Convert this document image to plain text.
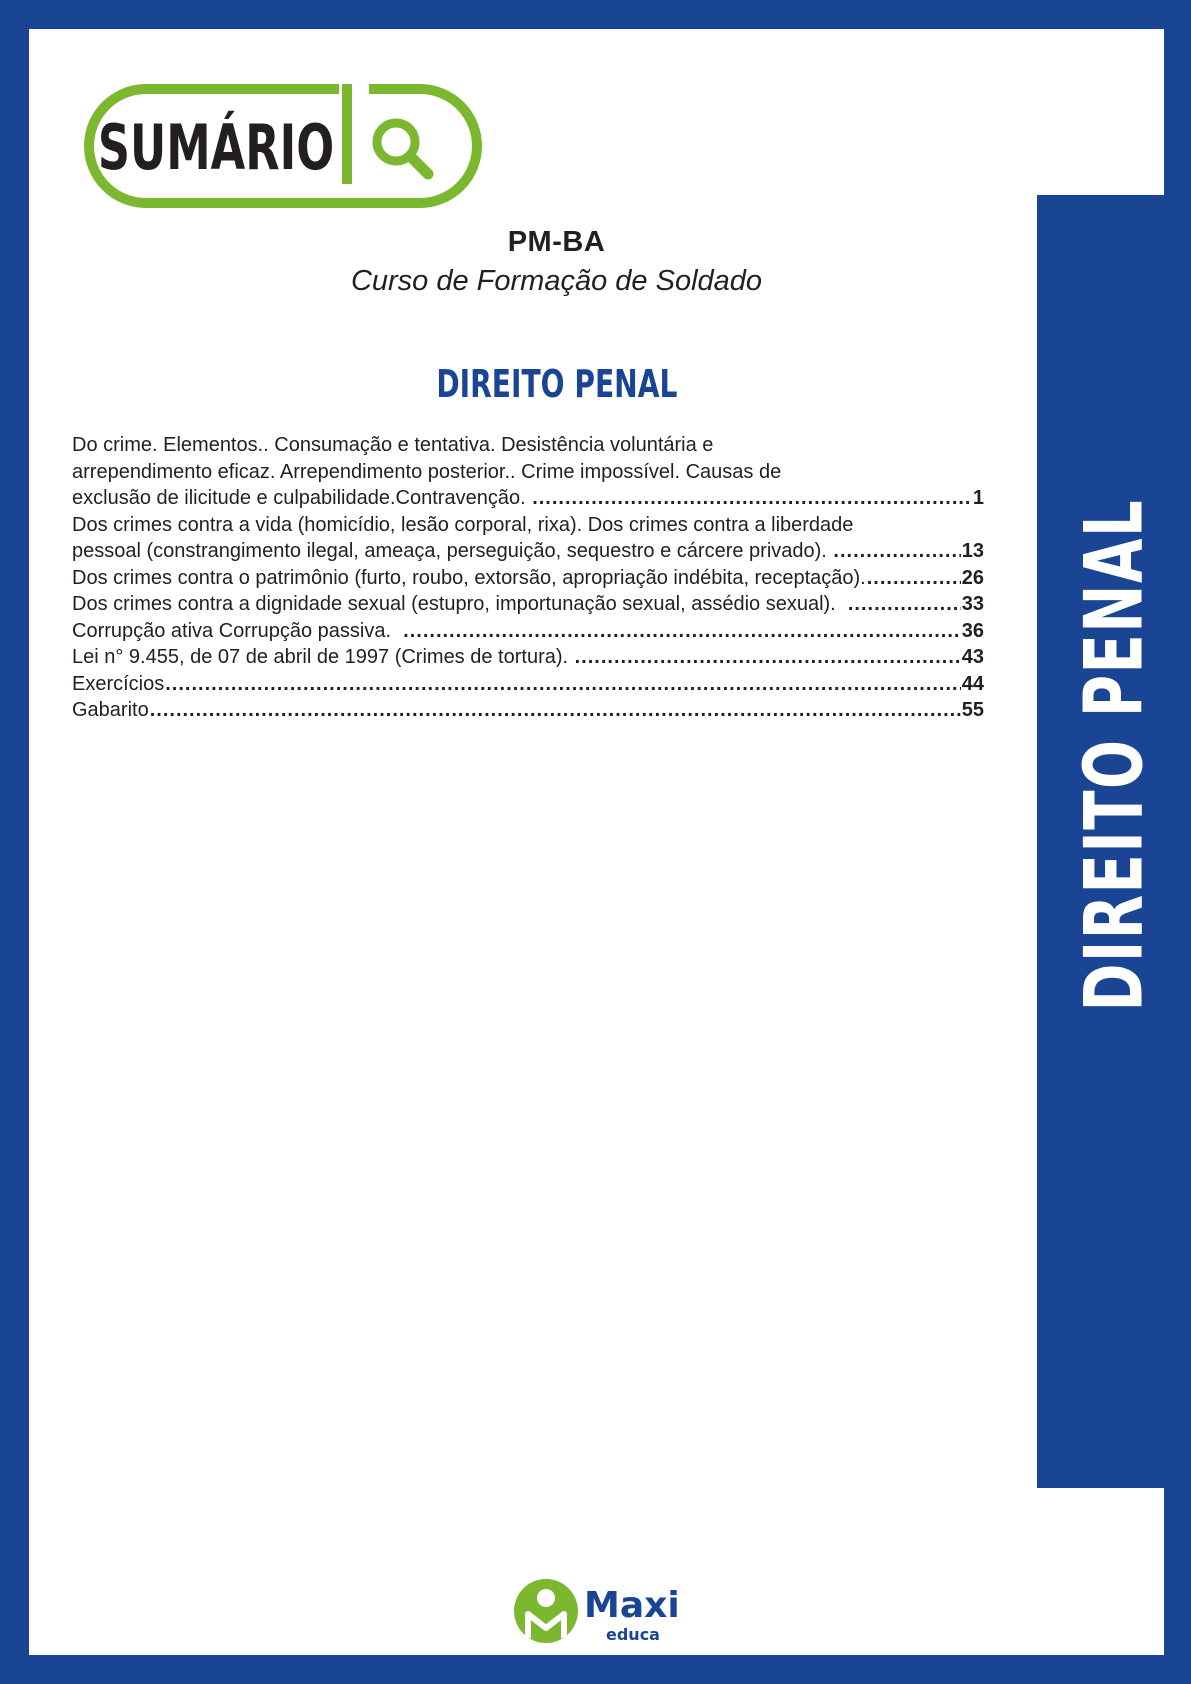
DIREITO PENAL
SUMÁRIO
PM-BA
Curso de Formação de Soldado
DIREITO PENAL
Do crime. Elementos.. Consumação e tentativa. Desistência voluntária e
arrependimento eficaz. Arrependimento posterior.. Crime impossível. Causas de
exclusão de ilicitude e culpabilidade.Contravenção. .....	1
Dos crimes contra a vida (homicídio, lesão corporal, rixa). Dos crimes contra a liberdade
pessoal (constrangimento ilegal, ameaça, perseguição, sequestro e cárcere privado). .....	13
Dos crimes contra o patrimônio (furto, roubo, extorsão, apropriação indébita, receptação). .....	26
Dos crimes contra a dignidade sexual (estupro, importunação sexual, assédio sexual). .....	33
Corrupção ativa Corrupção passiva. .....	36
Lei n° 9.455, de 07 de abril de 1997 (Crimes de tortura). .....	43
Exercícios .....	44
Gabarito .....	55
Maxi
educa
